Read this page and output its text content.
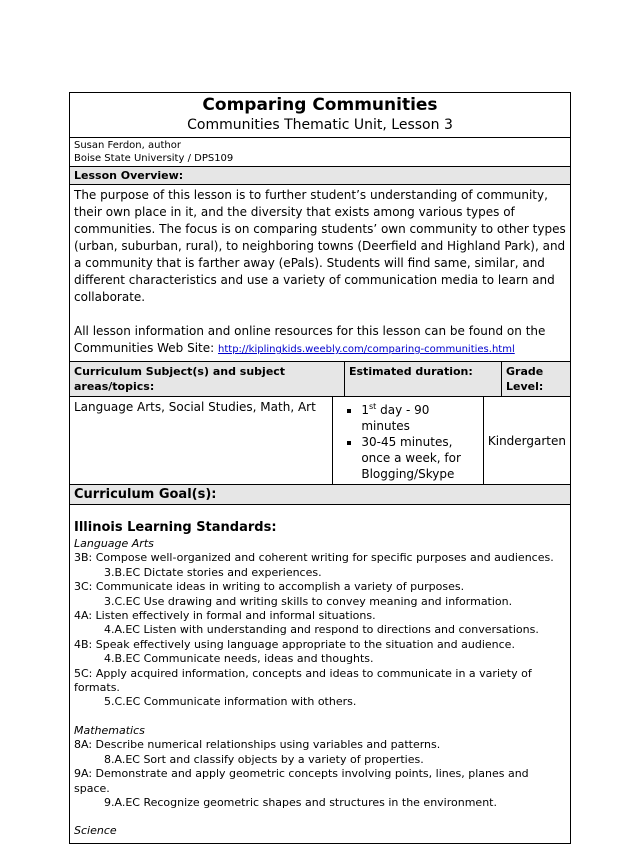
Comparing Communities
Communities Thematic Unit, Lesson 3
Susan Ferdon, author
Boise State University / DPS109
Lesson Overview:

The purpose of this lesson is to further student’s understanding of community, their own place in it, and the diversity that exists among various types of communities. The focus is on comparing students’ own community to other types (urban, suburban, rural), to neighboring towns (Deerfield and Highland Park), and a community that is farther away (ePals). Students will find same, similar, and different characteristics and use a variety of communication media to learn and collaborate.

All lesson information and online resources for this lesson can be found on the Communities Web Site: http://kiplingkids.weebly.com/comparing-communities.html

Curriculum Subject(s) and subject areas/topics:
Estimated duration:	Grade Level:
Language Arts, Social Studies, Math, Art
▪	1st day - 90 minutes
▪ 30-45 minutes, once a week, for Blogging/Skype
Kindergarten
Curriculum Goal(s):
Illinois Learning Standards:
Language Arts
3B: Compose well-organized and coherent writing for specific purposes and audiences.
3.B.EC Dictate stories and experiences.
3C: Communicate ideas in writing to accomplish a variety of purposes.
3.C.EC Use drawing and writing skills to convey meaning and information.
4A: Listen effectively in formal and informal situations.
4.A.EC Listen with understanding and respond to directions and conversations.
4B: Speak effectively using language appropriate to the situation and audience.
4.B.EC Communicate needs, ideas and thoughts.
5C: Apply acquired information, concepts and ideas to communicate in a variety of formats.
5.C.EC Communicate information with others.
Mathematics
8A: Describe numerical relationships using variables and patterns.
8.A.EC Sort and classify objects by a variety of properties.
9A: Demonstrate and apply geometric concepts involving points, lines, planes and space.
9.A.EC Recognize geometric shapes and structures in the environment.
Science
